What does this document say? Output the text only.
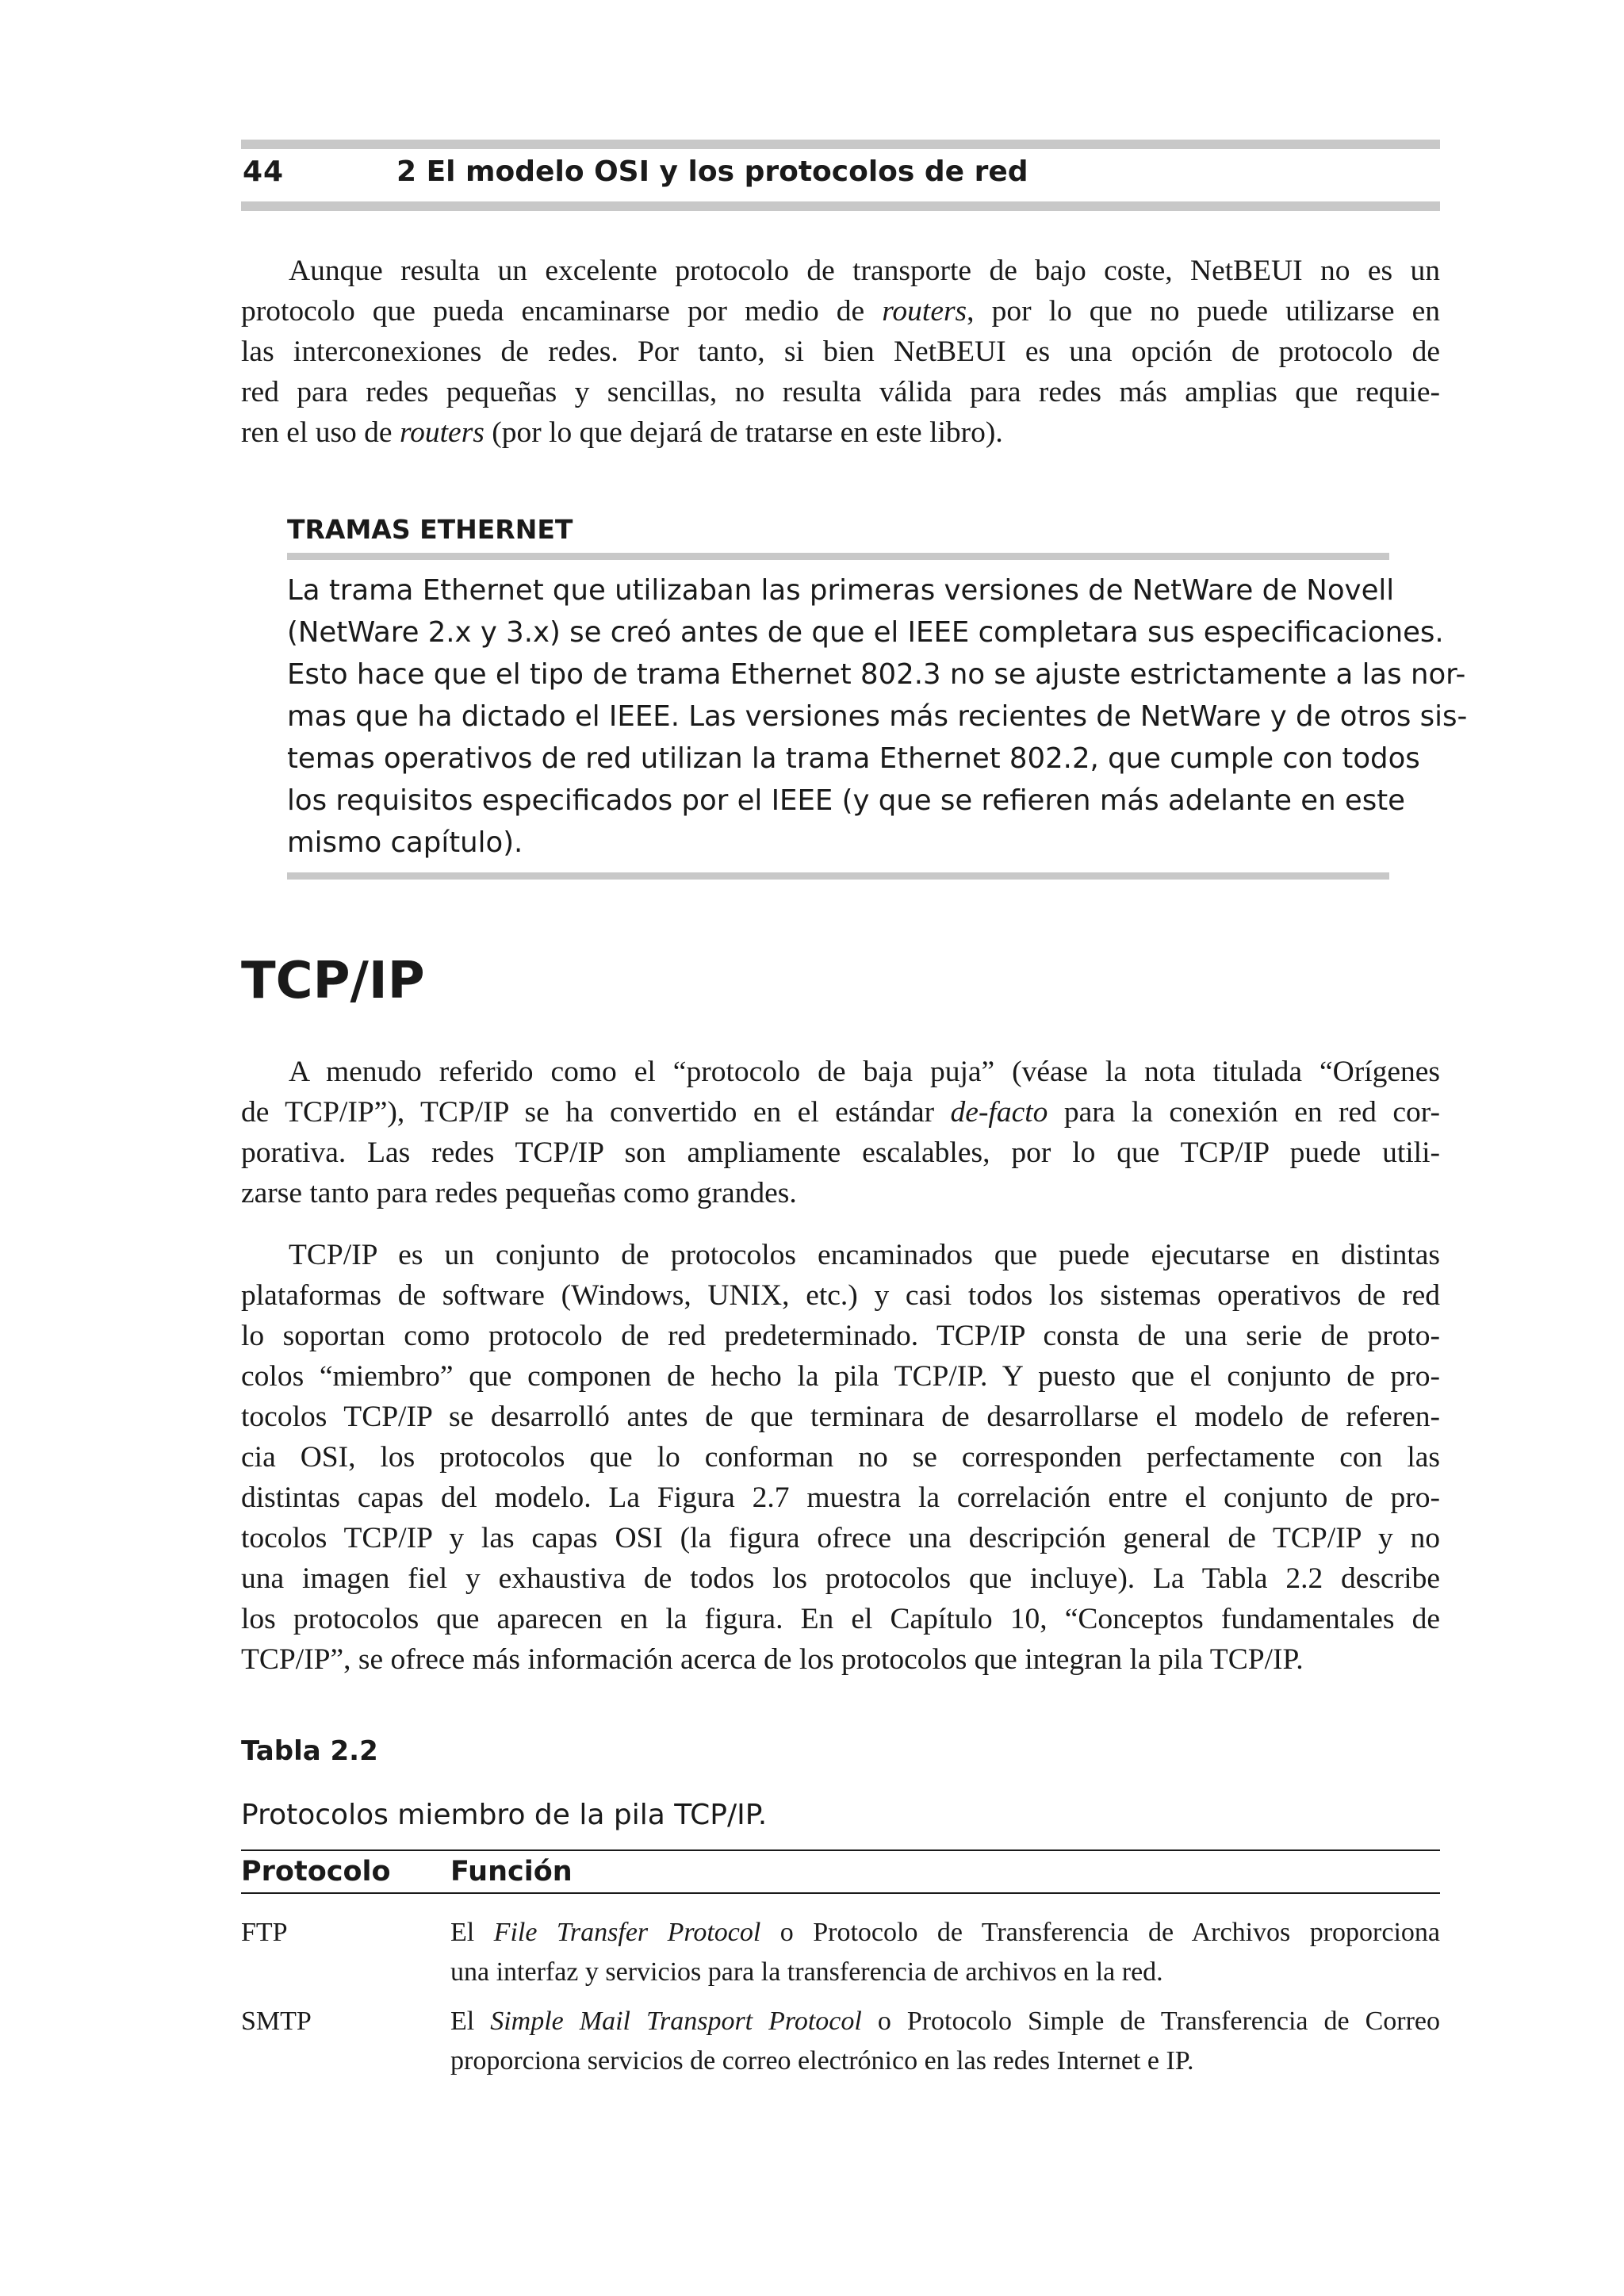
44	2 El modelo OSI y los protocolos de red

Aunque resulta un excelente protocolo de transporte de bajo coste, NetBEUI no es un
protocolo que pueda encaminarse por medio de routers, por lo que no puede utilizarse en
las interconexiones de redes. Por tanto, si bien NetBEUI es una opción de protocolo de
red para redes pequeñas y sencillas, no resulta válida para redes más amplias que requie-
ren el uso de routers (por lo que dejará de tratarse en este libro).

TRAMAS ETHERNET

La trama Ethernet que utilizaban las primeras versiones de NetWare de Novell
(NetWare 2.x y 3.x) se creó antes de que el IEEE completara sus especificaciones.
Esto hace que el tipo de trama Ethernet 802.3 no se ajuste estrictamente a las nor-
mas que ha dictado el IEEE. Las versiones más recientes de NetWare y de otros sis-
temas operativos de red utilizan la trama Ethernet 802.2, que cumple con todos
los requisitos especificados por el IEEE (y que se refieren más adelante en este
mismo capítulo).

TCP/IP

A menudo referido como el “protocolo de baja puja” (véase la nota titulada “Orígenes
de TCP/IP”), TCP/IP se ha convertido en el estándar de-facto para la conexión en red cor-
porativa. Las redes TCP/IP son ampliamente escalables, por lo que TCP/IP puede utili-
zarse tanto para redes pequeñas como grandes.

TCP/IP es un conjunto de protocolos encaminados que puede ejecutarse en distintas
plataformas de software (Windows, UNIX, etc.) y casi todos los sistemas operativos de red
lo soportan como protocolo de red predeterminado. TCP/IP consta de una serie de proto-
colos “miembro” que componen de hecho la pila TCP/IP. Y puesto que el conjunto de pro-
tocolos TCP/IP se desarrolló antes de que terminara de desarrollarse el modelo de referen-
cia OSI, los protocolos que lo conforman no se corresponden perfectamente con las
distintas capas del modelo. La Figura 2.7 muestra la correlación entre el conjunto de pro-
tocolos TCP/IP y las capas OSI (la figura ofrece una descripción general de TCP/IP y no
una imagen fiel y exhaustiva de todos los protocolos que incluye). La Tabla 2.2 describe
los protocolos que aparecen en la figura. En el Capítulo 10, “Conceptos fundamentales de
TCP/IP”, se ofrece más información acerca de los protocolos que integran la pila TCP/IP.

Tabla 2.2
Protocolos miembro de la pila TCP/IP.
Protocolo Función
FTP	El File Transfer Protocol o Protocolo de Transferencia de Archivos proporciona
una interfaz y servicios para la transferencia de archivos en la red.

SMTP	El Simple Mail Transport Protocol o Protocolo Simple de Transferencia de Correo
proporciona servicios de correo electrónico en las redes Internet e IP.
